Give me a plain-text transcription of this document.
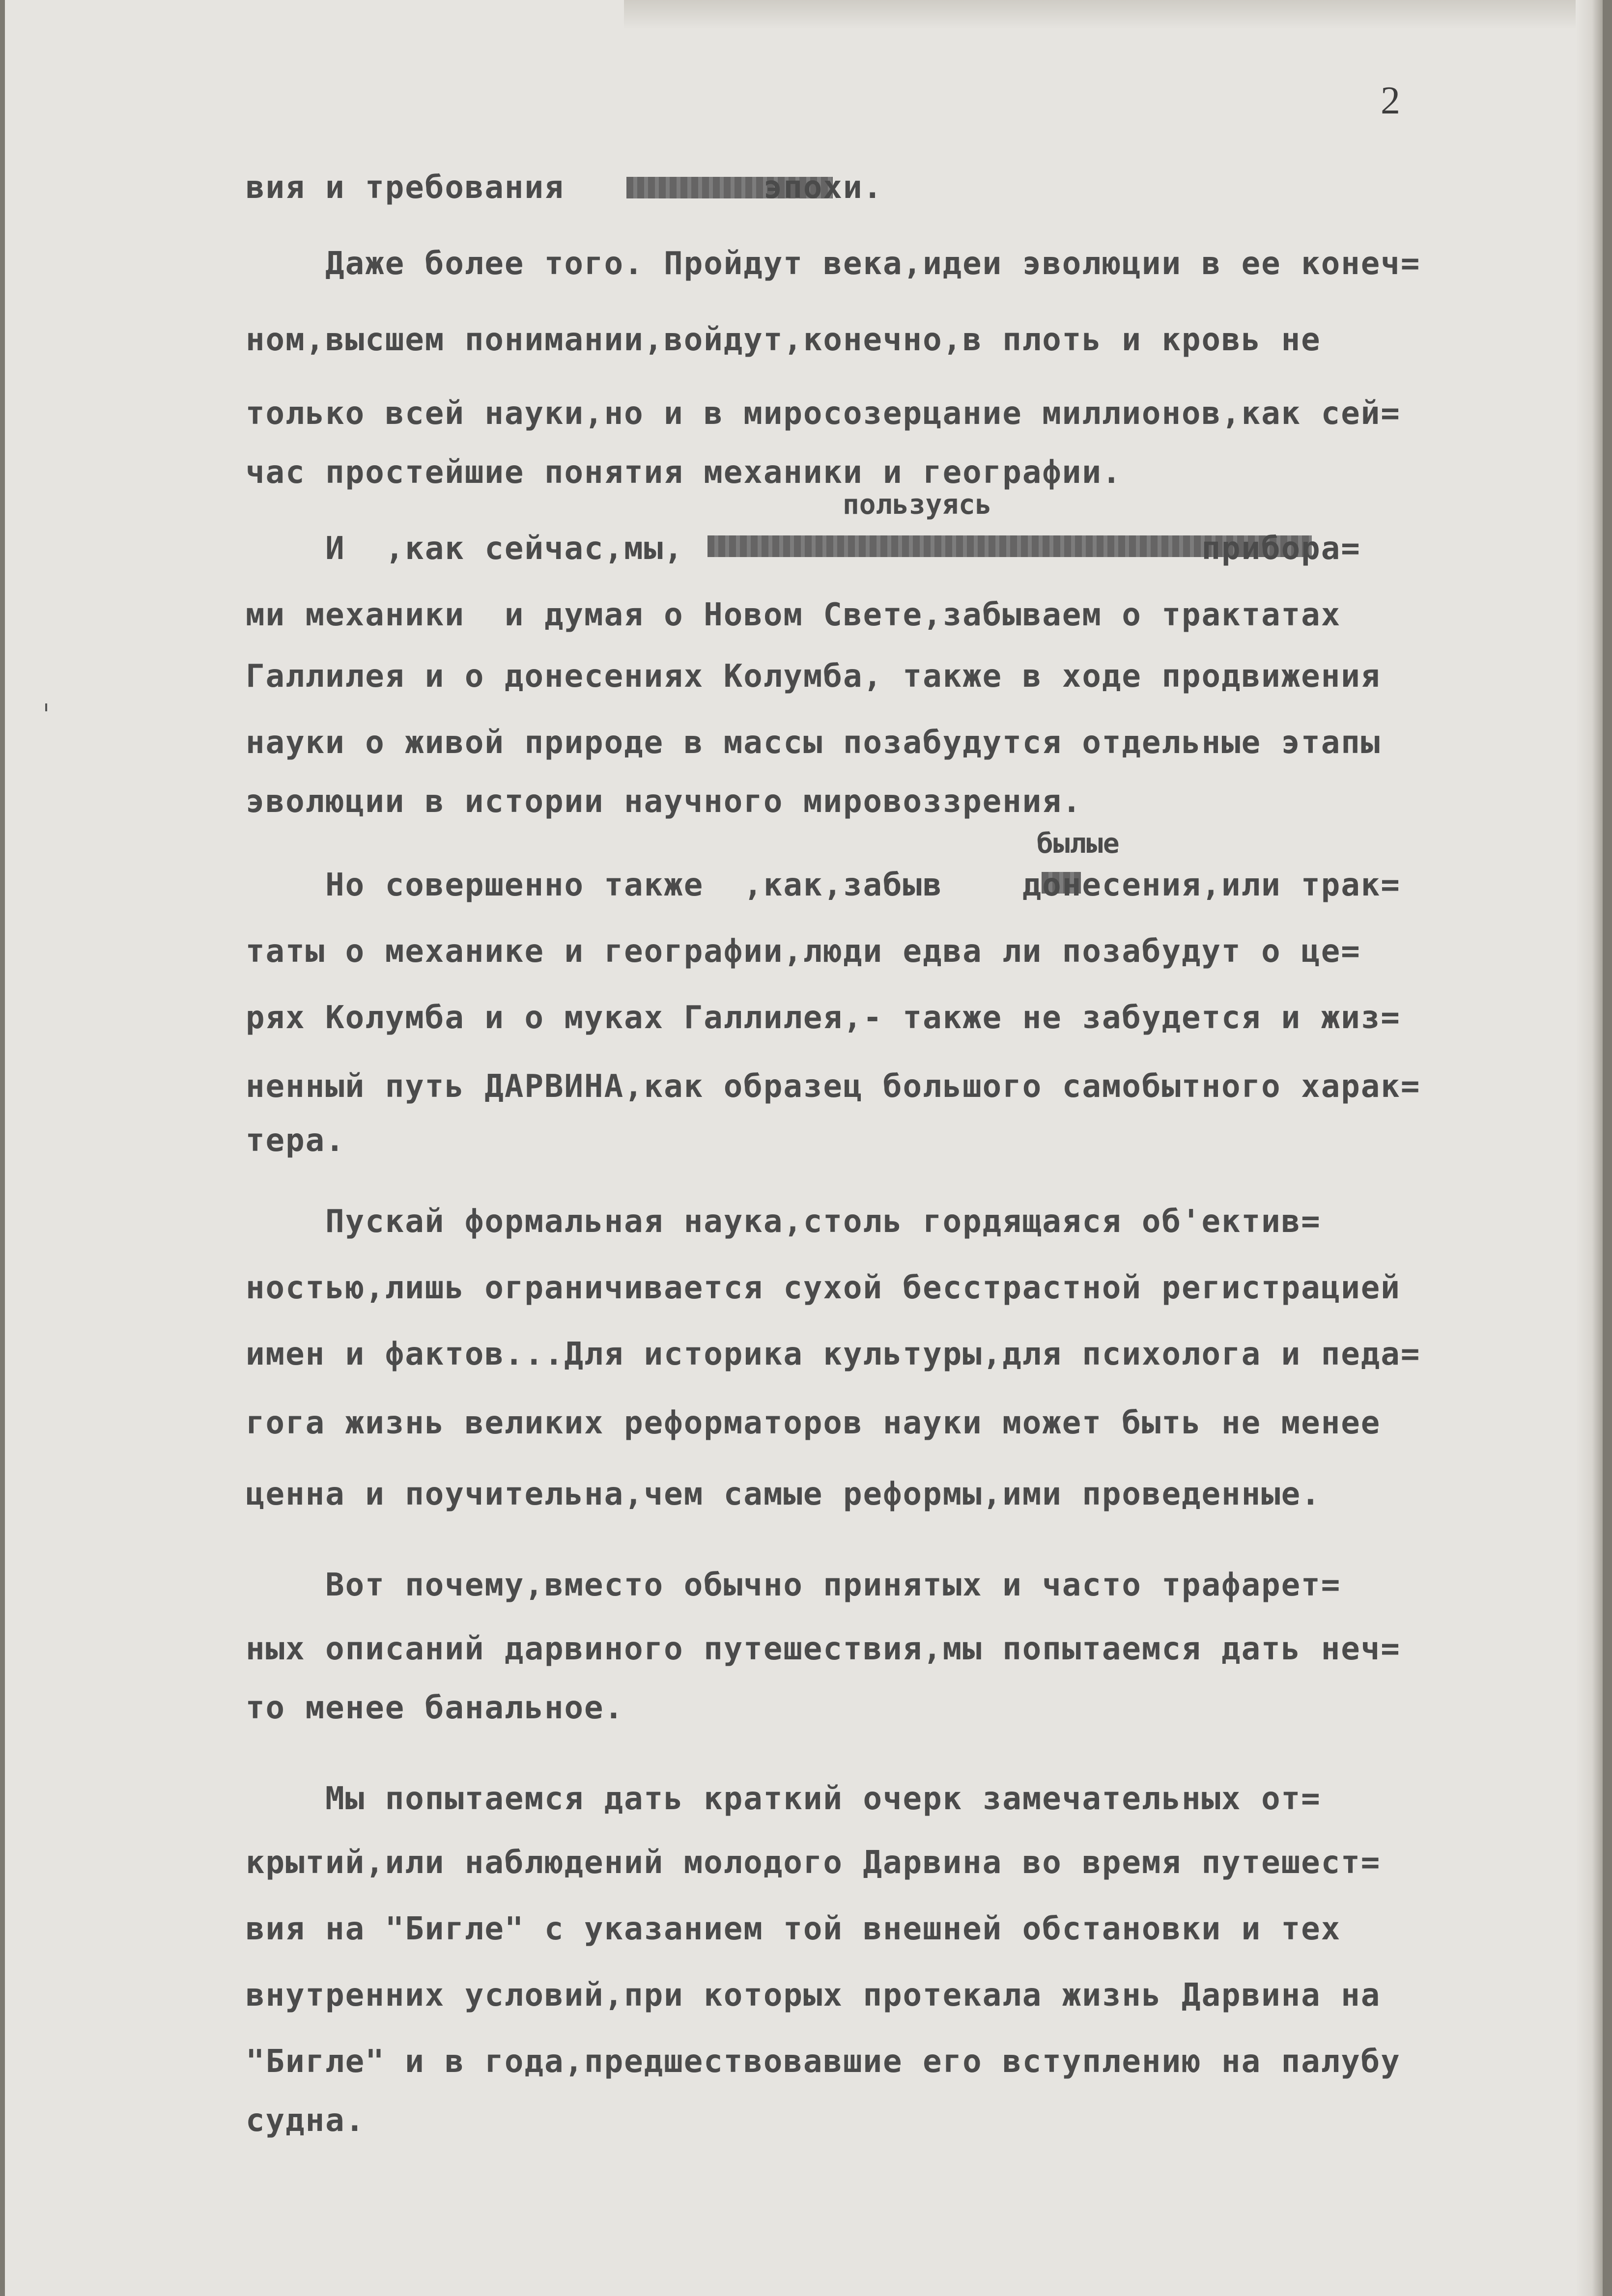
2
пользуясь
былые
вия и требования          эпохи.
Даже более того. Пройдут века,идеи эволюции в ее конеч=
ном,высшем понимании,войдут,конечно,в плоть и кровь не
только всей науки,но и в миросозерцание миллионов,как сей=
час простейшие понятия механики и географии.
И  ,как сейчас,мы,                          прибора=
ми механики  и думая о Новом Свете,забываем о трактатах
Галлилея и о донесениях Колумба, также в ходе продвижения
науки о живой природе в массы позабудутся отдельные этапы
эволюции в истории научного мировоззрения.
Но совершенно также  ,как,забыв    донесения,или трак=
таты о механике и географии,люди едва ли позабудут о це=
рях Колумба и о муках Галлилея,- также не забудется и жиз=
ненный путь ДАРВИНА,как образец большого самобытного харак=
тера.
Пускай формальная наука,столь гордящаяся об'ектив=
ностью,лишь ограничивается сухой бесстрастной регистрацией
имен и фактов...Для историка культуры,для психолога и педа=
гога жизнь великих реформаторов науки может быть не менее
ценна и поучительна,чем самые реформы,ими проведенные.
Вот почему,вместо обычно принятых и часто трафарет=
ных описаний дарвиного путешествия,мы попытаемся дать неч=
то менее банальное.
Мы попытаемся дать краткий очерк замечательных от=
крытий,или наблюдений молодого Дарвина во время путешест=
вия на "Бигле" с указанием той внешней обстановки и тех
внутренних условий,при которых протекала жизнь Дарвина на
"Бигле" и в года,предшествовавшие его вступлению на палубу
судна.
